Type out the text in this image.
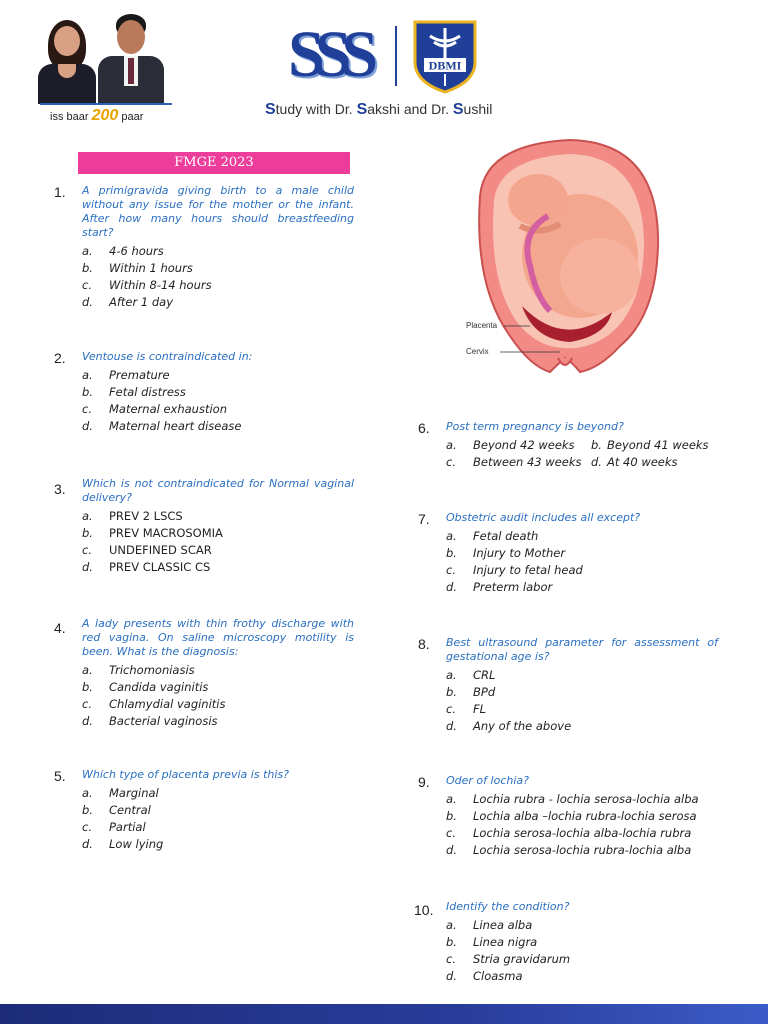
iss baar 200 paar
SSS	DBMI
Study with Dr. Sakshi and Dr. Sushil
FMGE 2023
Placenta
Cervix
1. A primigravida giving birth to a male child without any issue for the mother or the infant. After how many hours should breastfeeding start?
a.	4-6 hours
b.	Within 1 hours
c.	Within 8-14 hours
d.	After 1 day
2. Ventouse is contraindicated in:
a.	Premature
b.	Fetal distress
c.	Maternal exhaustion
d.	Maternal heart disease
3. Which is not contraindicated for Normal vaginal delivery?
a.	PREV 2 LSCS
b.	PREV MACROSOMIA
c.	UNDEFINED SCAR
d.	PREV CLASSIC CS
4. A lady presents with thin frothy discharge with red vagina. On saline microscopy motility is been. What is the diagnosis:
a.	Trichomoniasis
b.	Candida vaginitis
c.	Chlamydial vaginitis
d.	Bacterial vaginosis
5. Which type of placenta previa is this?
a.	Marginal
b.	Central
c.	Partial
d.	Low lying
6. Post term pregnancy is beyond?
a.	Beyond 42 weeks b. Beyond 41 weeks
c.	Between 43 weeks d. At 40 weeks
7. Obstetric audit includes all except?
a.	Fetal death
b.	Injury to Mother
c.	Injury to fetal head
d.	Preterm labor
8. Best ultrasound parameter for assessment of gestational age is?
a.	CRL
b.	BPd
c.	FL
d.	Any of the above
9. Oder of lochia?
a.	Lochia rubra - lochia serosa-lochia alba
b.	Lochia alba –lochia rubra-lochia serosa
c.	Lochia serosa-lochia alba-lochia rubra
d.	Lochia serosa-lochia rubra-lochia alba
10. Identify the condition?
a.	Linea alba
b.	Linea nigra
c.	Stria gravidarum
d.	Cloasma
